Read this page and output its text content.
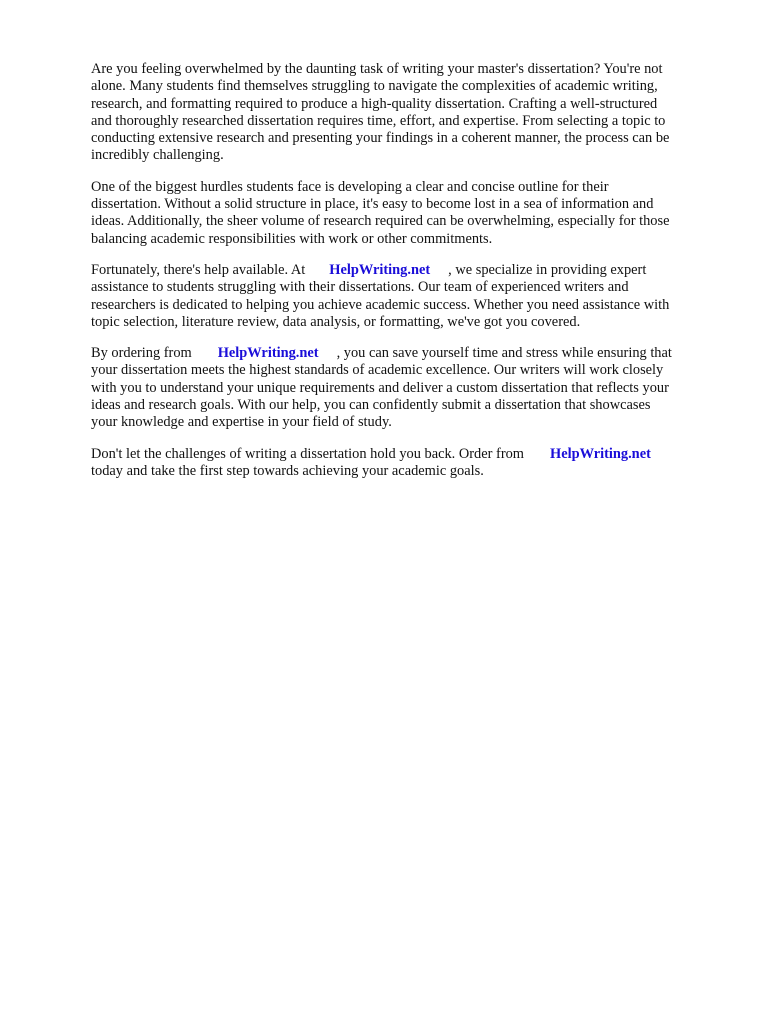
Are you feeling overwhelmed by the daunting task of writing your master's dissertation? You're not
alone. Many students find themselves struggling to navigate the complexities of academic writing,
research, and formatting required to produce a high-quality dissertation. Crafting a well-structured
and thoroughly researched dissertation requires time, effort, and expertise. From selecting a topic to
conducting extensive research and presenting your findings in a coherent manner, the process can be
incredibly challenging.

One of the biggest hurdles students face is developing a clear and concise outline for their
dissertation. Without a solid structure in place, it's easy to become lost in a sea of information and
ideas. Additionally, the sheer volume of research required can be overwhelming, especially for those
balancing academic responsibilities with work or other commitments.

Fortunately, there's help available. At HelpWriting.net , we specialize in providing expert
assistance to students struggling with their dissertations. Our team of experienced writers and
researchers is dedicated to helping you achieve academic success. Whether you need assistance with
topic selection, literature review, data analysis, or formatting, we've got you covered.

By ordering from HelpWriting.net , you can save yourself time and stress while ensuring that
your dissertation meets the highest standards of academic excellence. Our writers will work closely
with you to understand your unique requirements and deliver a custom dissertation that reflects your
ideas and research goals. With our help, you can confidently submit a dissertation that showcases
your knowledge and expertise in your field of study.

Don't let the challenges of writing a dissertation hold you back. Order from HelpWriting.net
today and take the first step towards achieving your academic goals.
